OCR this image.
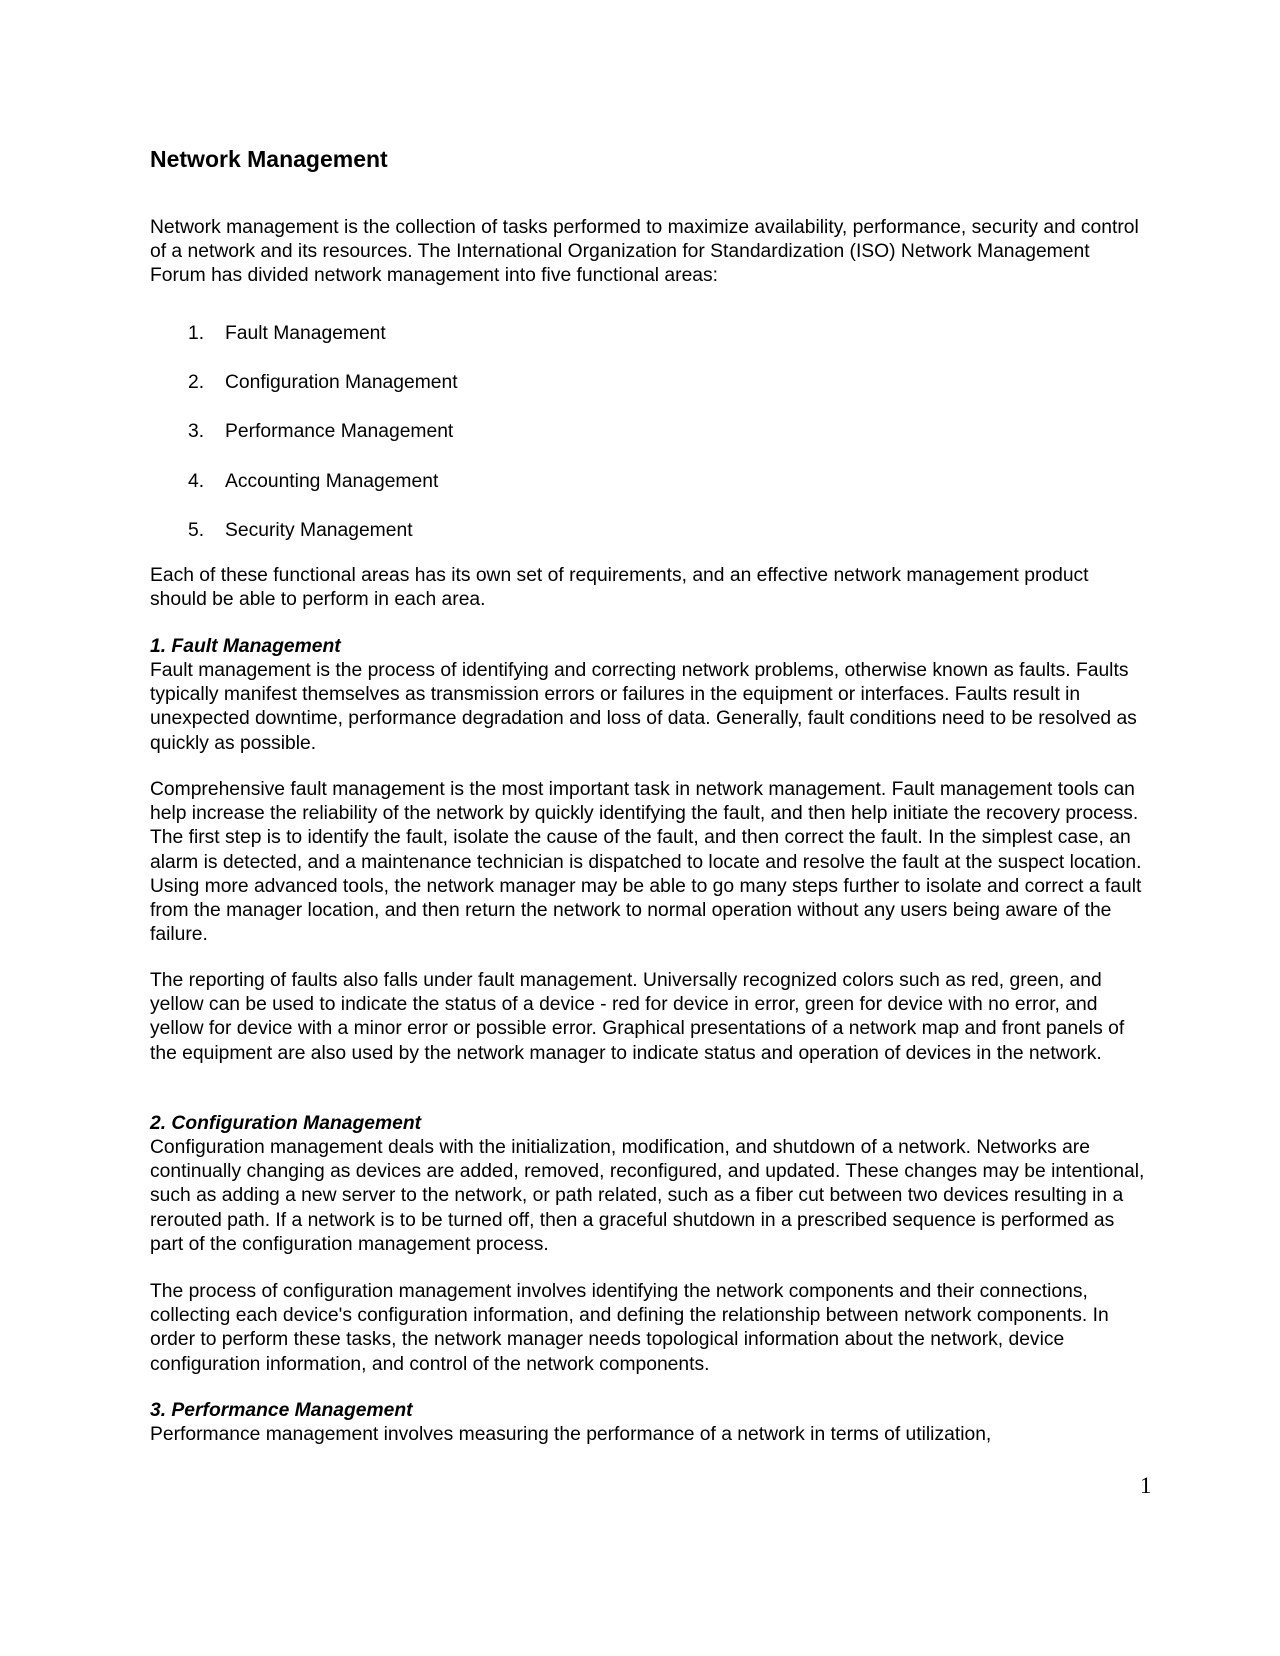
Network Management

Network management is the collection of tasks performed to maximize availability, performance, security and control of a network and its resources. The International Organization for Standardization (ISO) Network Management Forum has divided network management into five functional areas:

1. Fault Management
2. Configuration Management
3. Performance Management
4. Accounting Management
5. Security Management

Each of these functional areas has its own set of requirements, and an effective network management product should be able to perform in each area.

1. Fault Management

Fault management is the process of identifying and correcting network problems, otherwise known as faults. Faults typically manifest themselves as transmission errors or failures in the equipment or interfaces. Faults result in unexpected downtime, performance degradation and loss of data. Generally, fault conditions need to be resolved as quickly as possible.

Comprehensive fault management is the most important task in network management. Fault management tools can help increase the reliability of the network by quickly identifying the fault, and then help initiate the recovery process. The first step is to identify the fault, isolate the cause of the fault, and then correct the fault. In the simplest case, an alarm is detected, and a maintenance technician is dispatched to locate and resolve the fault at the suspect location. Using more advanced tools, the network manager may be able to go many steps further to isolate and correct a fault from the manager location, and then return the network to normal operation without any users being aware of the failure.

The reporting of faults also falls under fault management. Universally recognized colors such as red, green, and yellow can be used to indicate the status of a device - red for device in error, green for device with no error, and yellow for device with a minor error or possible error. Graphical presentations of a network map and front panels of the equipment are also used by the network manager to indicate status and operation of devices in the network.

2. Configuration Management

Configuration management deals with the initialization, modification, and shutdown of a network. Networks are continually changing as devices are added, removed, reconfigured, and updated. These changes may be intentional, such as adding a new server to the network, or path related, such as a fiber cut between two devices resulting in a rerouted path. If a network is to be turned off, then a graceful shutdown in a prescribed sequence is performed as part of the configuration management process.

The process of configuration management involves identifying the network components and their connections, collecting each device's configuration information, and defining the relationship between network components. In order to perform these tasks, the network manager needs topological information about the network, device configuration information, and control of the network components.

3. Performance Management

Performance management involves measuring the performance of a network in terms of utilization,

1
